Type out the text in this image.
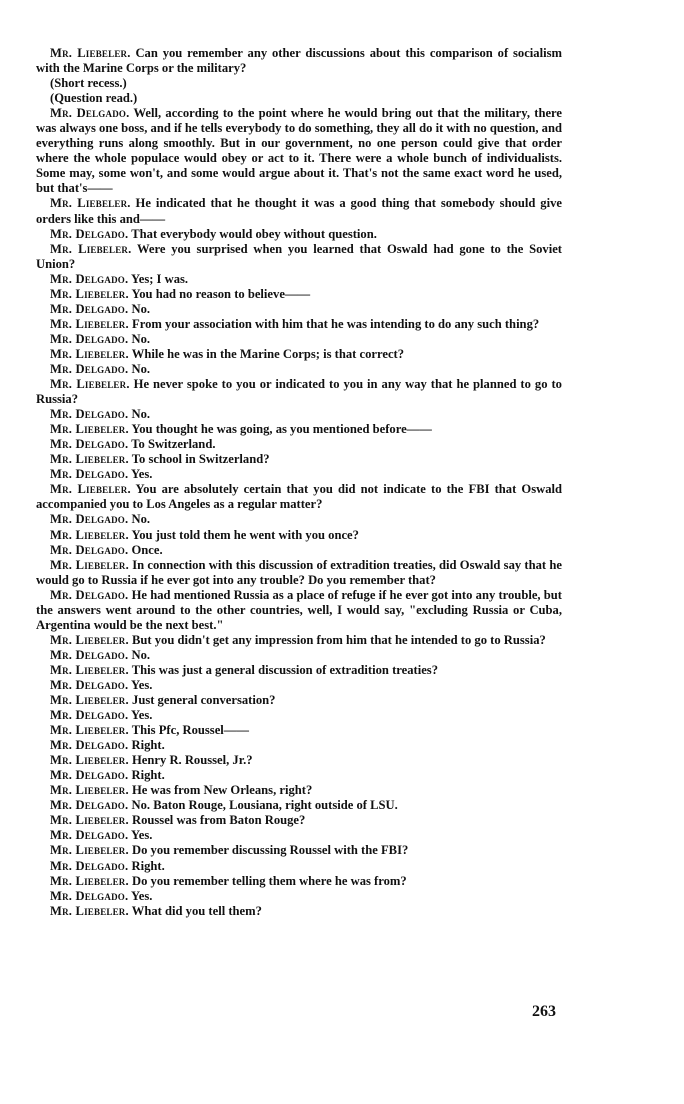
Mr. Liebeler. Can you remember any other discussions about this comparison of socialism with the Marine Corps or the military?

(Short recess.)

(Question read.)

Mr. Delgado. Well, according to the point where he would bring out that the military, there was always one boss, and if he tells everybody to do something, they all do it with no question, and everything runs along smoothly. But in our government, no one person could give that order where the whole populace would obey or act to it. There were a whole bunch of individualists. Some may, some won't, and some would argue about it. That's not the same exact word he used, but that's——

Mr. Liebeler. He indicated that he thought it was a good thing that somebody should give orders like this and——

Mr. Delgado. That everybody would obey without question.

Mr. Liebeler. Were you surprised when you learned that Oswald had gone to the Soviet Union?

Mr. Delgado. Yes; I was.

Mr. Liebeler. You had no reason to believe——

Mr. Delgado. No.

Mr. Liebeler. From your association with him that he was intending to do any such thing?

Mr. Delgado. No.

Mr. Liebeler. While he was in the Marine Corps; is that correct?

Mr. Delgado. No.

Mr. Liebeler. He never spoke to you or indicated to you in any way that he planned to go to Russia?

Mr. Delgado. No.

Mr. Liebeler. You thought he was going, as you mentioned before——

Mr. Delgado. To Switzerland.

Mr. Liebeler. To school in Switzerland?

Mr. Delgado. Yes.

Mr. Liebeler. You are absolutely certain that you did not indicate to the FBI that Oswald accompanied you to Los Angeles as a regular matter?

Mr. Delgado. No.

Mr. Liebeler. You just told them he went with you once?

Mr. Delgado. Once.

Mr. Liebeler. In connection with this discussion of extradition treaties, did Oswald say that he would go to Russia if he ever got into any trouble? Do you remember that?

Mr. Delgado. He had mentioned Russia as a place of refuge if he ever got into any trouble, but the answers went around to the other countries, well, I would say, "excluding Russia or Cuba, Argentina would be the next best."

Mr. Liebeler. But you didn't get any impression from him that he intended to go to Russia?

Mr. Delgado. No.

Mr. Liebeler. This was just a general discussion of extradition treaties?

Mr. Delgado. Yes.

Mr. Liebeler. Just general conversation?

Mr. Delgado. Yes.

Mr. Liebeler. This Pfc, Roussel——

Mr. Delgado. Right.

Mr. Liebeler. Henry R. Roussel, Jr.?

Mr. Delgado. Right.

Mr. Liebeler. He was from New Orleans, right?

Mr. Delgado. No. Baton Rouge, Lousiana, right outside of LSU.

Mr. Liebeler. Roussel was from Baton Rouge?

Mr. Delgado. Yes.

Mr. Liebeler. Do you remember discussing Roussel with the FBI?

Mr. Delgado. Right.

Mr. Liebeler. Do you remember telling them where he was from?

Mr. Delgado. Yes.

Mr. Liebeler. What did you tell them?

263
